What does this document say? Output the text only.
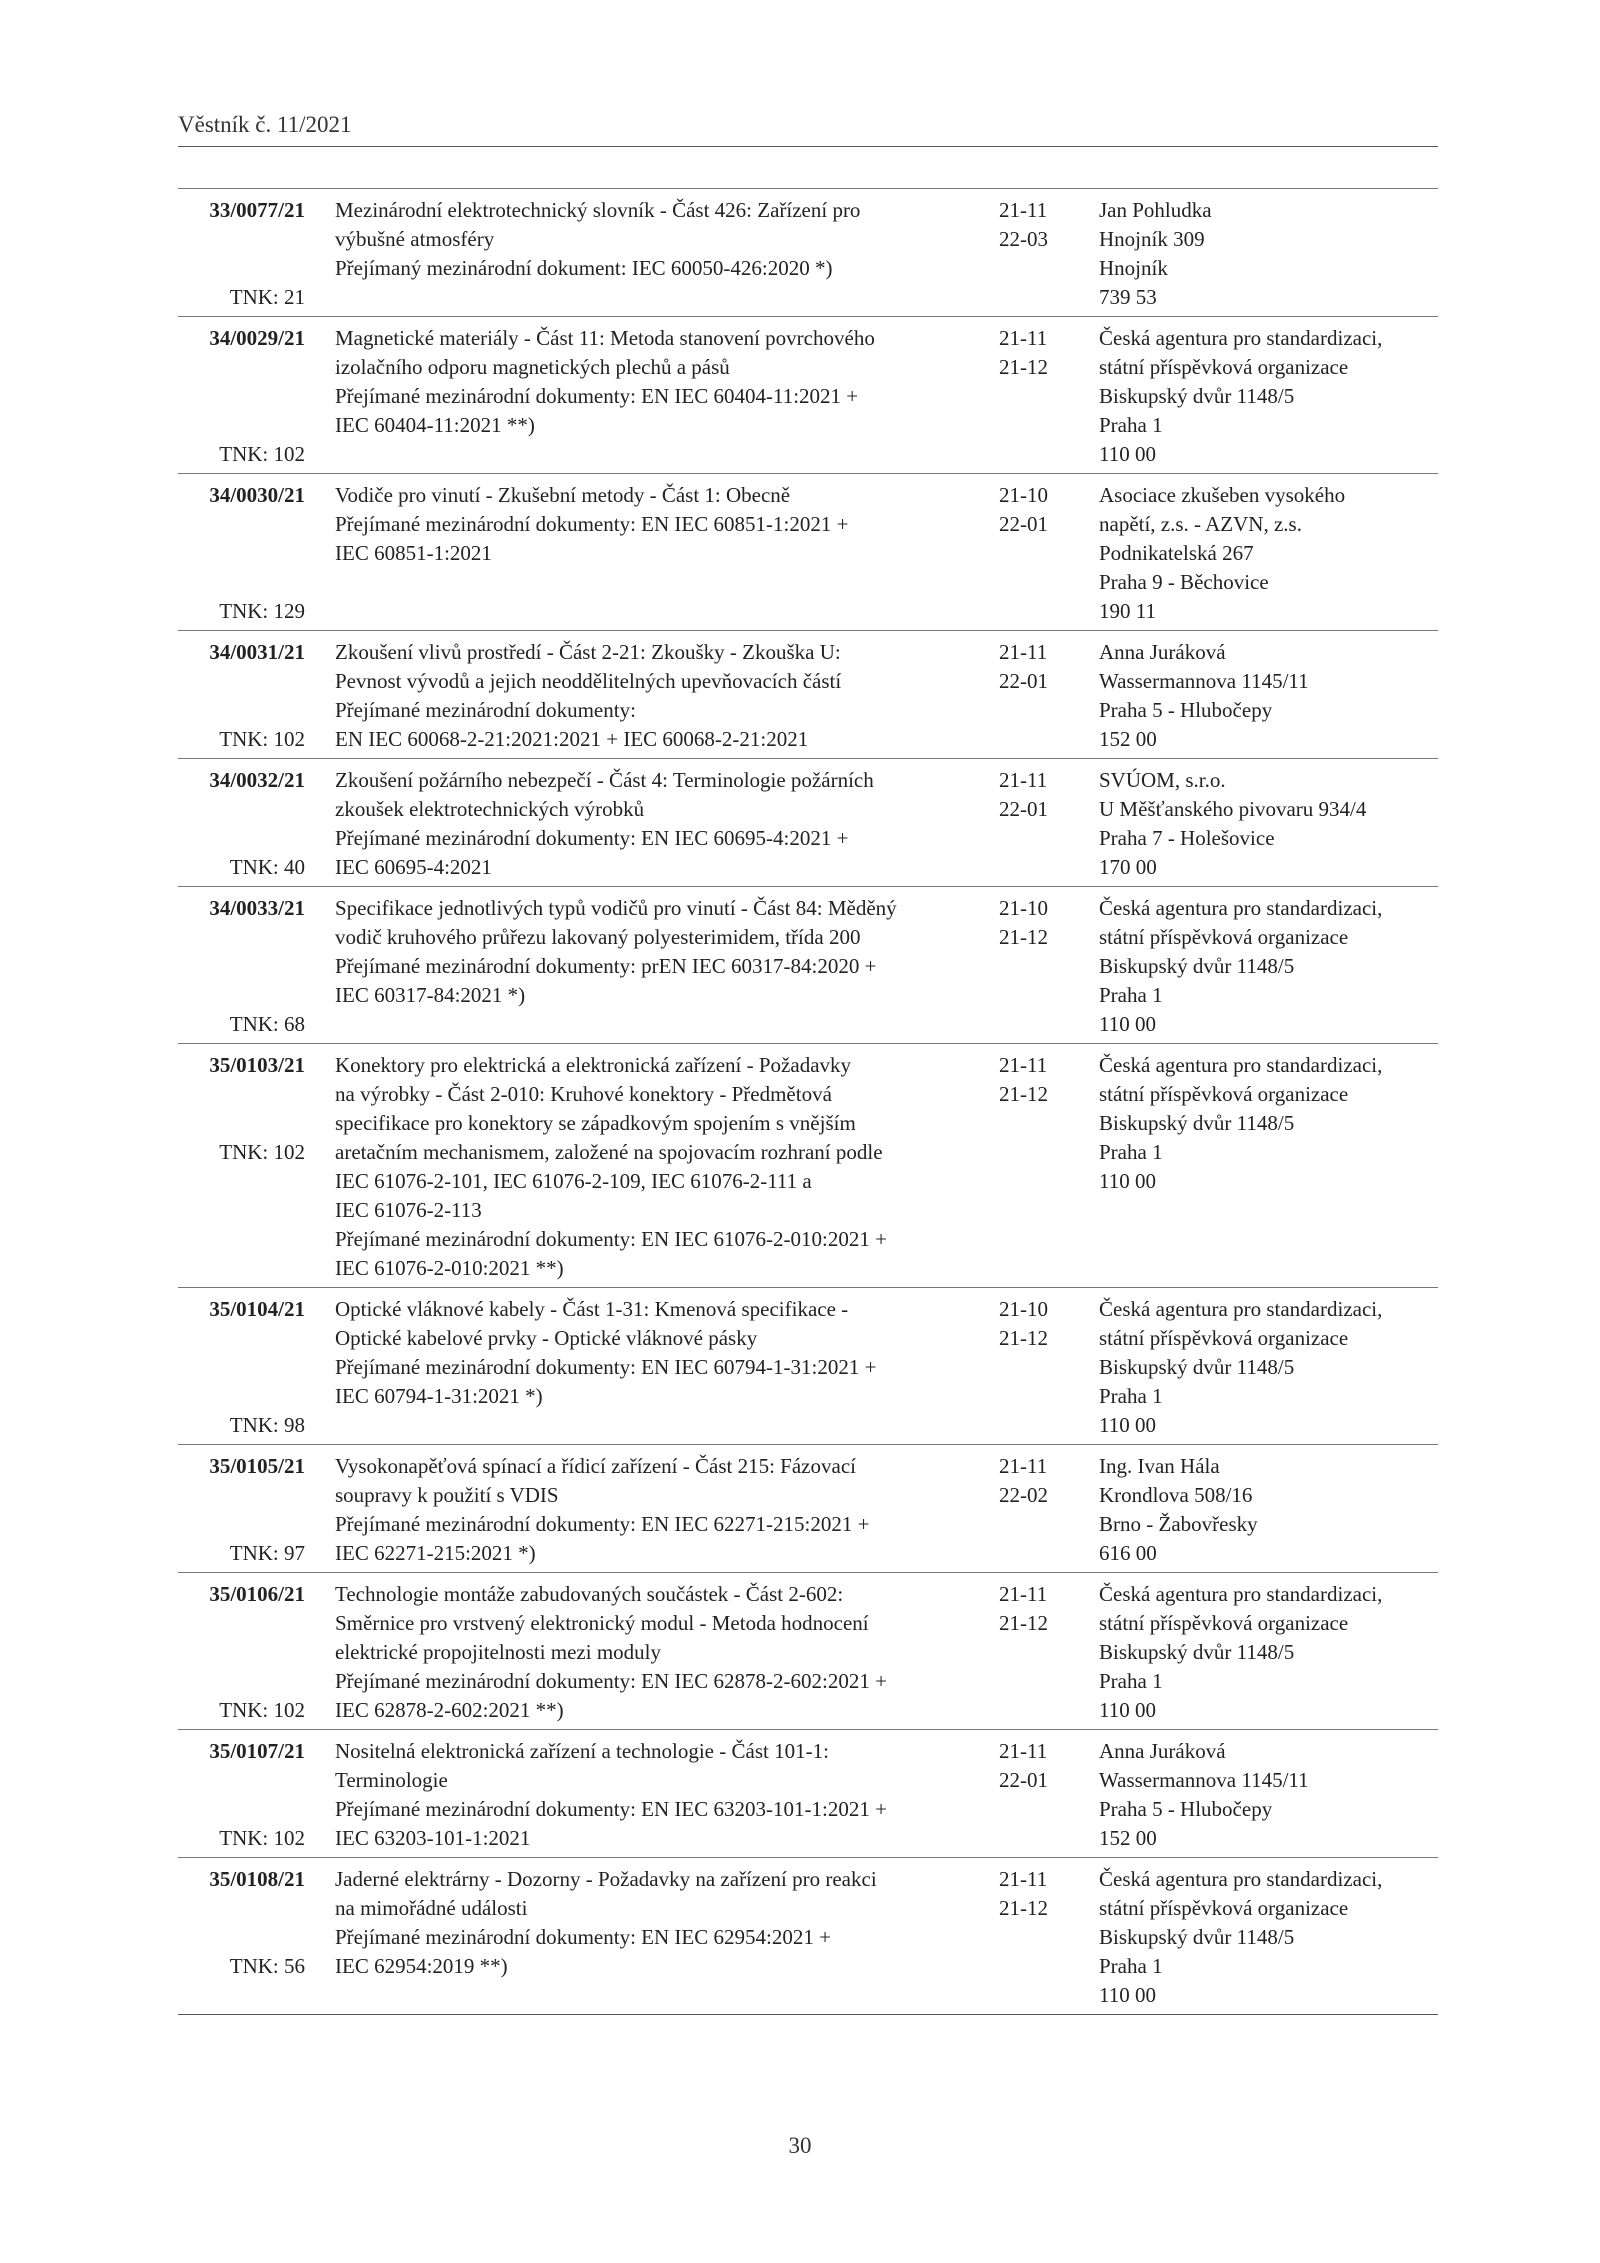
Věstník č. 11/2021
33/0077/21
TNK: 21
Mezinárodní elektrotechnický slovník - Část 426: Zařízení pro
výbušné atmosféry
Přejímaný mezinárodní dokument: IEC 60050-426:2020 *)
21-11
22-03
Jan Pohludka
Hnojník 309
Hnojník
739 53
34/0029/21
TNK: 102
Magnetické materiály - Část 11: Metoda stanovení povrchového
izolačního odporu magnetických plechů a pásů
Přejímané mezinárodní dokumenty: EN IEC 60404-11:2021 +
IEC 60404-11:2021 **)
21-11
21-12
Česká agentura pro standardizaci,
státní příspěvková organizace
Biskupský dvůr 1148/5
Praha 1
110 00
34/0030/21
TNK: 129
Vodiče pro vinutí - Zkušební metody - Část 1: Obecně
Přejímané mezinárodní dokumenty: EN IEC 60851-1:2021 +
IEC 60851-1:2021
21-10
22-01
Asociace zkušeben vysokého
napětí, z.s. - AZVN, z.s.
Podnikatelská 267
Praha 9 - Běchovice
190 11
34/0031/21
TNK: 102
Zkoušení vlivů prostředí - Část 2-21: Zkoušky - Zkouška U:
Pevnost vývodů a jejich neoddělitelných upevňovacích částí
Přejímané mezinárodní dokumenty:
EN IEC 60068-2-21:2021:2021 + IEC 60068-2-21:2021
21-11
22-01
Anna Juráková
Wassermannova 1145/11
Praha 5 - Hlubočepy
152 00
34/0032/21
TNK: 40
Zkoušení požárního nebezpečí - Část 4: Terminologie požárních
zkoušek elektrotechnických výrobků
Přejímané mezinárodní dokumenty: EN IEC 60695-4:2021 +
IEC 60695-4:2021
21-11
22-01
SVÚOM, s.r.o.
U Měšťanského pivovaru 934/4
Praha 7 - Holešovice
170 00
34/0033/21
TNK: 68
Specifikace jednotlivých typů vodičů pro vinutí - Část 84: Měděný
vodič kruhového průřezu lakovaný polyesterimidem, třída 200
Přejímané mezinárodní dokumenty: prEN IEC 60317-84:2020 +
IEC 60317-84:2021 *)
21-10
21-12
Česká agentura pro standardizaci,
státní příspěvková organizace
Biskupský dvůr 1148/5
Praha 1
110 00
35/0103/21
TNK: 102
Konektory pro elektrická a elektronická zařízení - Požadavky
na výrobky - Část 2-010: Kruhové konektory - Předmětová
specifikace pro konektory se západkovým spojením s vnějším
aretačním mechanismem, založené na spojovacím rozhraní podle
IEC 61076-2-101, IEC 61076-2-109, IEC 61076-2-111 a
IEC 61076-2-113
Přejímané mezinárodní dokumenty: EN IEC 61076-2-010:2021 +
IEC 61076-2-010:2021 **)
21-11
21-12
Česká agentura pro standardizaci,
státní příspěvková organizace
Biskupský dvůr 1148/5
Praha 1
110 00
35/0104/21
TNK: 98
Optické vláknové kabely - Část 1-31: Kmenová specifikace -
Optické kabelové prvky - Optické vláknové pásky
Přejímané mezinárodní dokumenty: EN IEC 60794-1-31:2021 +
IEC 60794-1-31:2021 *)
21-10
21-12
Česká agentura pro standardizaci,
státní příspěvková organizace
Biskupský dvůr 1148/5
Praha 1
110 00
35/0105/21
TNK: 97
Vysokonapěťová spínací a řídicí zařízení - Část 215: Fázovací
soupravy k použití s VDIS
Přejímané mezinárodní dokumenty: EN IEC 62271-215:2021 +
IEC 62271-215:2021 *)
21-11
22-02
Ing. Ivan Hála
Krondlova 508/16
Brno - Žabovřesky
616 00
35/0106/21
TNK: 102
Technologie montáže zabudovaných součástek - Část 2-602:
Směrnice pro vrstvený elektronický modul - Metoda hodnocení
elektrické propojitelnosti mezi moduly
Přejímané mezinárodní dokumenty: EN IEC 62878-2-602:2021 +
IEC 62878-2-602:2021 **)
21-11
21-12
Česká agentura pro standardizaci,
státní příspěvková organizace
Biskupský dvůr 1148/5
Praha 1
110 00
35/0107/21
TNK: 102
Nositelná elektronická zařízení a technologie - Část 101-1:
Terminologie
Přejímané mezinárodní dokumenty: EN IEC 63203-101-1:2021 +
IEC 63203-101-1:2021
21-11
22-01
Anna Juráková
Wassermannova 1145/11
Praha 5 - Hlubočepy
152 00
35/0108/21
TNK: 56
Jaderné elektrárny - Dozorny - Požadavky na zařízení pro reakci
na mimořádné události
Přejímané mezinárodní dokumenty: EN IEC 62954:2021 +
IEC 62954:2019 **)
21-11
21-12
Česká agentura pro standardizaci,
státní příspěvková organizace
Biskupský dvůr 1148/5
Praha 1
110 00
30
